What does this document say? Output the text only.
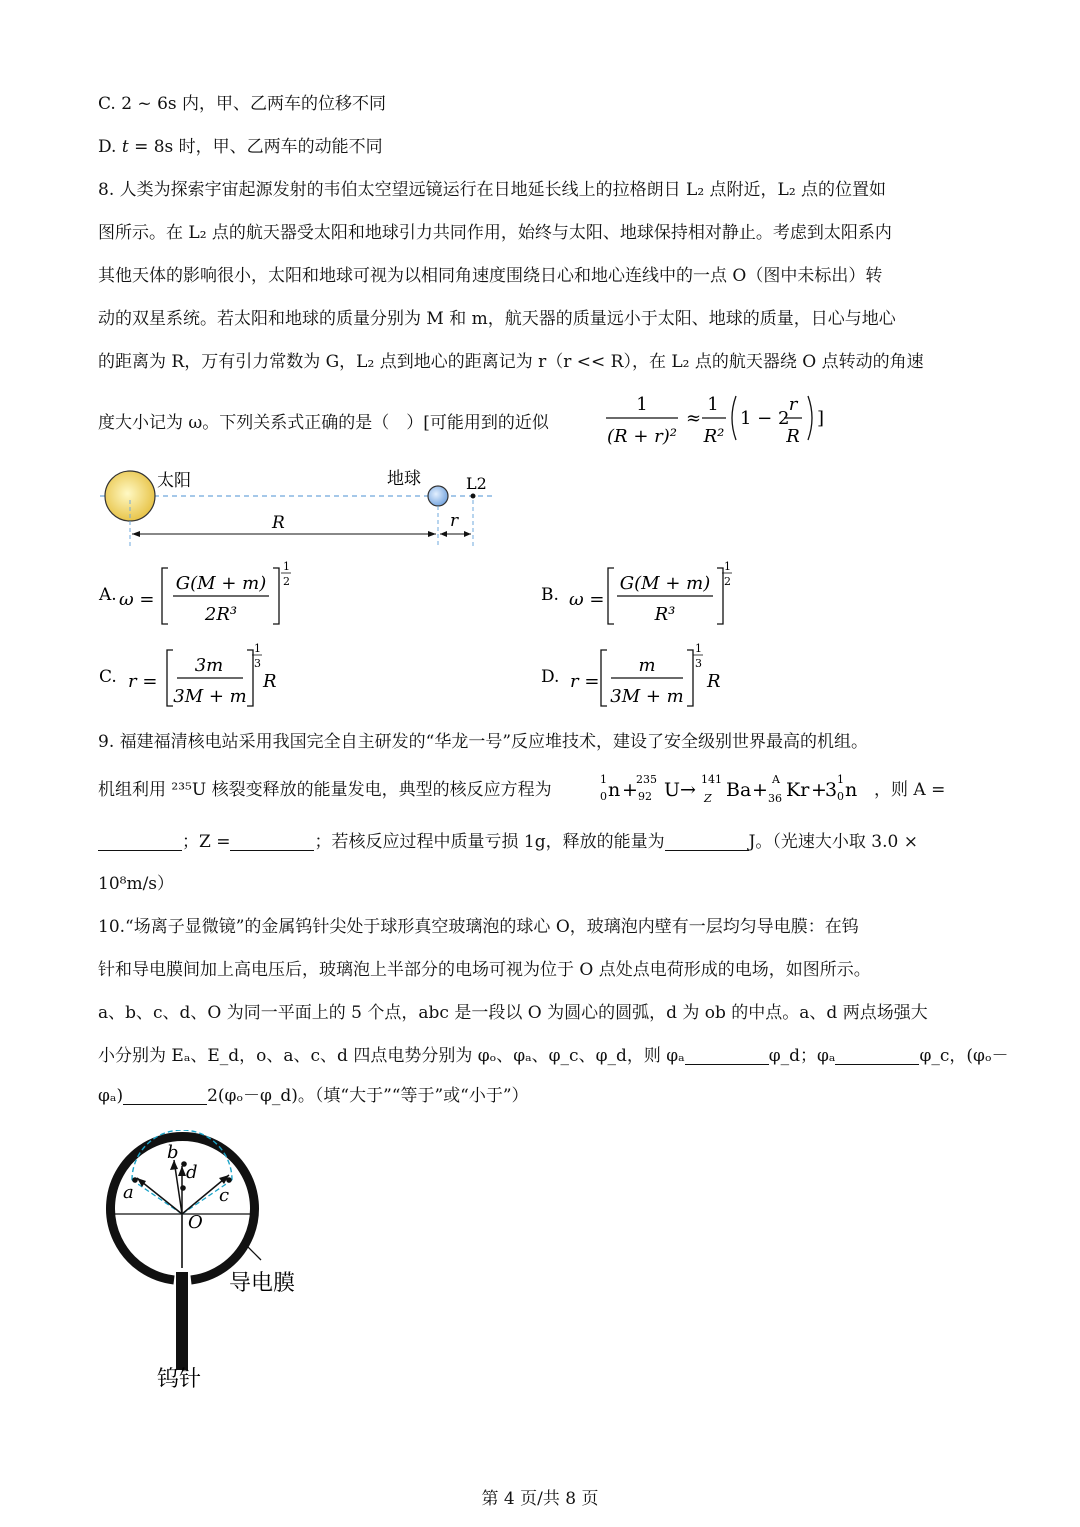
C. 2 ~ 6s 内，甲、乙两车的位移不同
D. t = 8s 时，甲、乙两车的动能不同
8. 人类为探索宇宙起源发射的韦伯太空望远镜运行在日地延长线上的拉格朗日 L₂ 点附近，L₂ 点的位置如
图所示。在 L₂ 点的航天器受太阳和地球引力共同作用，始终与太阳、地球保持相对静止。考虑到太阳系内
其他天体的影响很小，太阳和地球可视为以相同角速度围绕日心和地心连线中的一点 O（图中未标出）转
动的双星系统。若太阳和地球的质量分别为 M 和 m，航天器的质量远小于太阳、地球的质量，日心与地心
的距离为 R，万有引力常数为 G，L₂ 点到地心的距离记为 r（r << R），在 L₂ 点的航天器绕 O 点转动的角速
度大小记为 ω。下列关系式正确的是（　）[可能用到的近似
1
(R + r)²
≈
1
R²
1 − 2
r
R
]
太阳	地球	L2
R	r
A. ω =
G(M + m)
2R³
1
2
B. ω =
G(M + m)
R³
1
2
C. r =
3m
3M + m
1
3
R	D. r =
m
3M + m
1
3
R
9. 福建福清核电站采用我国完全自主研发的“华龙一号”反应堆技术，建设了安全级别世界最高的机组。
机组利用 ²³⁵U 核裂变释放的能量发电，典型的核反应方程为
1
0 n +
235
92 U → 141
Z Ba + A
36 Kr +
3 1
0 n ，则 A =
；Z =	；若核反应过程中质量亏损 1g，释放的能量为	J。（光速大小取 3.0 ×
10⁸m/s）
10.“场离子显微镜”的金属钨针尖处于球形真空玻璃泡的球心 O，玻璃泡内壁有一层均匀导电膜：在钨
针和导电膜间加上高电压后，玻璃泡上半部分的电场可视为位于 O 点处点电荷形成的电场，如图所示。
a、b、c、d、O 为同一平面上的 5 个点，abc 是一段以 O 为圆心的圆弧，d 为 ob 的中点。a、d 两点场强大
小分别为 Eₐ、E_d，o、a、c、d 四点电势分别为 φₒ、φₐ、φ_c、φ_d，则 φₐ	φ_d；φₐ	φ_c，(φₒ－
φₐ)	2(φₒ－φ_d)。（填“大于”“等于”或“小于”）
a
b
d
c
O
导电膜
钨针
第 4 页/共 8 页
